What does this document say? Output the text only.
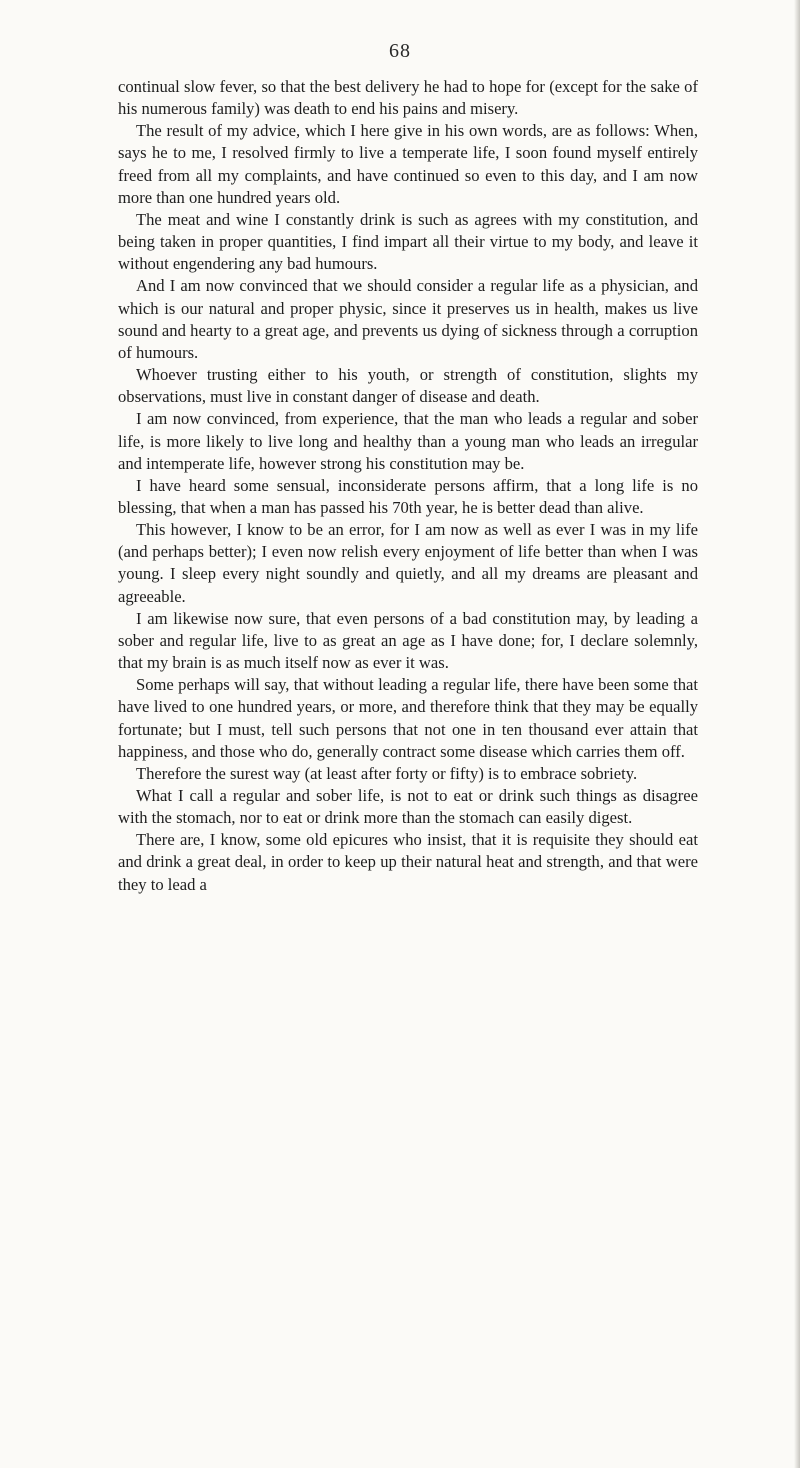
68

continual slow fever, so that the best delivery he had to hope for (except for the sake of his numerous family) was death to end his pains and misery.

The result of my advice, which I here give in his own words, are as follows: When, says he to me, I resolved firmly to live a temperate life, I soon found myself entirely freed from all my complaints, and have continued so even to this day, and I am now more than one hundred years old.

The meat and wine I constantly drink is such as agrees with my constitution, and being taken in proper quantities, I find impart all their virtue to my body, and leave it without engendering any bad humours.

And I am now convinced that we should consider a regular life as a physician, and which is our natural and proper physic, since it preserves us in health, makes us live sound and hearty to a great age, and prevents us dying of sickness through a corruption of humours.

Whoever trusting either to his youth, or strength of constitution, slights my observations, must live in constant danger of disease and death.

I am now convinced, from experience, that the man who leads a regular and sober life, is more likely to live long and healthy than a young man who leads an irregular and intemperate life, however strong his constitution may be.

I have heard some sensual, inconsiderate persons affirm, that a long life is no blessing, that when a man has passed his 70th year, he is better dead than alive.

This however, I know to be an error, for I am now as well as ever I was in my life (and perhaps better); I even now relish every enjoyment of life better than when I was young. I sleep every night soundly and quietly, and all my dreams are pleasant and agreeable.

I am likewise now sure, that even persons of a bad constitution may, by leading a sober and regular life, live to as great an age as I have done; for, I declare solemnly, that my brain is as much itself now as ever it was.

Some perhaps will say, that without leading a regular life, there have been some that have lived to one hundred years, or more, and therefore think that they may be equally fortunate; but I must, tell such persons that not one in ten thousand ever attain that happiness, and those who do, generally contract some disease which carries them off.

Therefore the surest way (at least after forty or fifty) is to embrace sobriety.

What I call a regular and sober life, is not to eat or drink such things as disagree with the stomach, nor to eat or drink more than the stomach can easily digest.

There are, I know, some old epicures who insist, that it is requisite they should eat and drink a great deal, in order to keep up their natural heat and strength, and that were they to lead a
